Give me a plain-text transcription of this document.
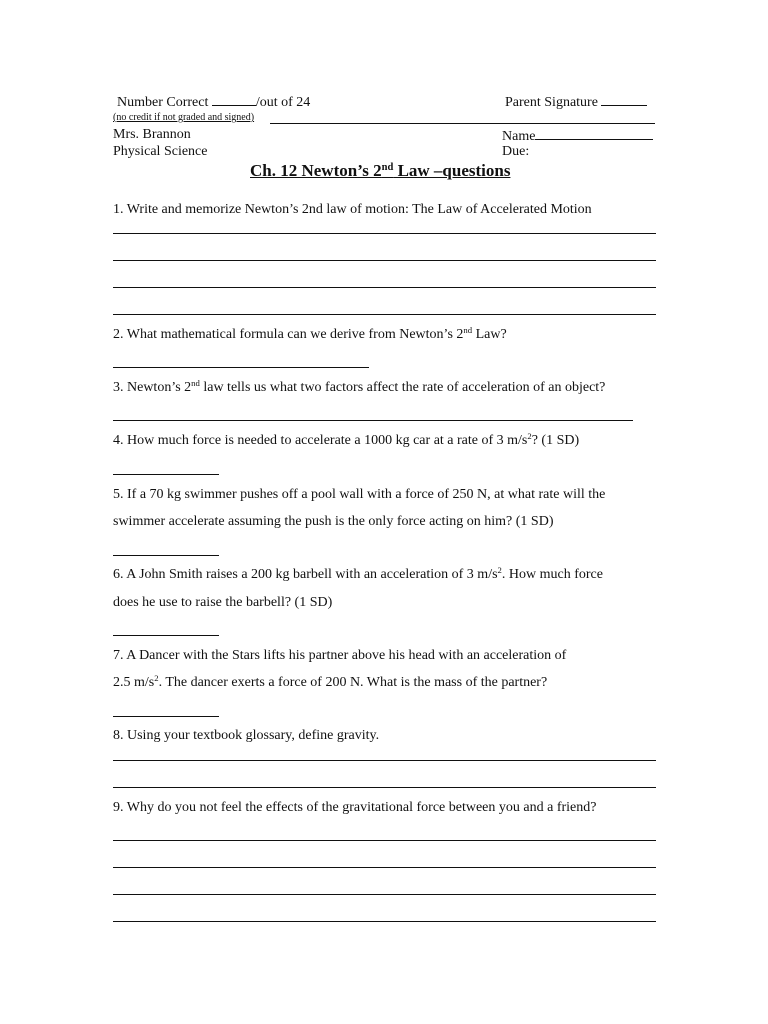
Number Correct	/out of 24	Parent Signature
(no credit if not graded and signed)
Mrs. Brannon
Physical Science
Name
Due:
Ch. 12 Newton’s 2nd Law –questions
1. Write and memorize Newton’s 2nd law of motion: The Law of Accelerated Motion
2. What mathematical formula can we derive from Newton’s 2nd Law?
3. Newton’s 2nd law tells us what two factors affect the rate of acceleration of an object?
4. How much force is needed to accelerate a 1000 kg car at a rate of 3 $m/s^2$? (1 SD)
5. If a 70 kg swimmer pushes off a pool wall with a force of 250 N, at what rate will the
swimmer accelerate assuming the push is the only force acting on him? (1 SD)
6. A John Smith raises a 200 kg barbell with an acceleration of 3 $m/s^2$. How much force
does he use to raise the barbell? (1 SD)
7. A Dancer with the Stars lifts his partner above his head with an acceleration of
2.5 $m/s^2$. The dancer exerts a force of 200 N. What is the mass of the partner?
8. Using your textbook glossary, define gravity.
9. Why do you not feel the effects of the gravitational force between you and a friend?
